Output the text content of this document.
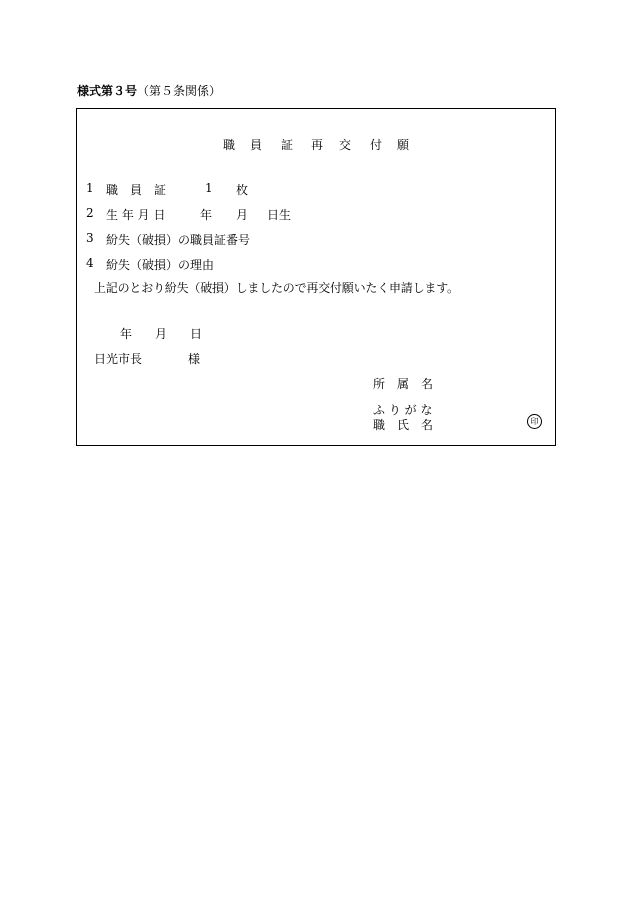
様式第３号（第５条関係）
職 員 証 再 交 付 願
1 職　員　証	1 枚
2 生 年 月 日	年 月 日生
3 紛失（破損）の職員証番号
4 紛失（破損）の理由
上記のとおり紛失（破損）しましたので再交付願いたく申請します。
年 月 日
日光市長	様
所　属　名
ふ り が な
職　氏　名	印
